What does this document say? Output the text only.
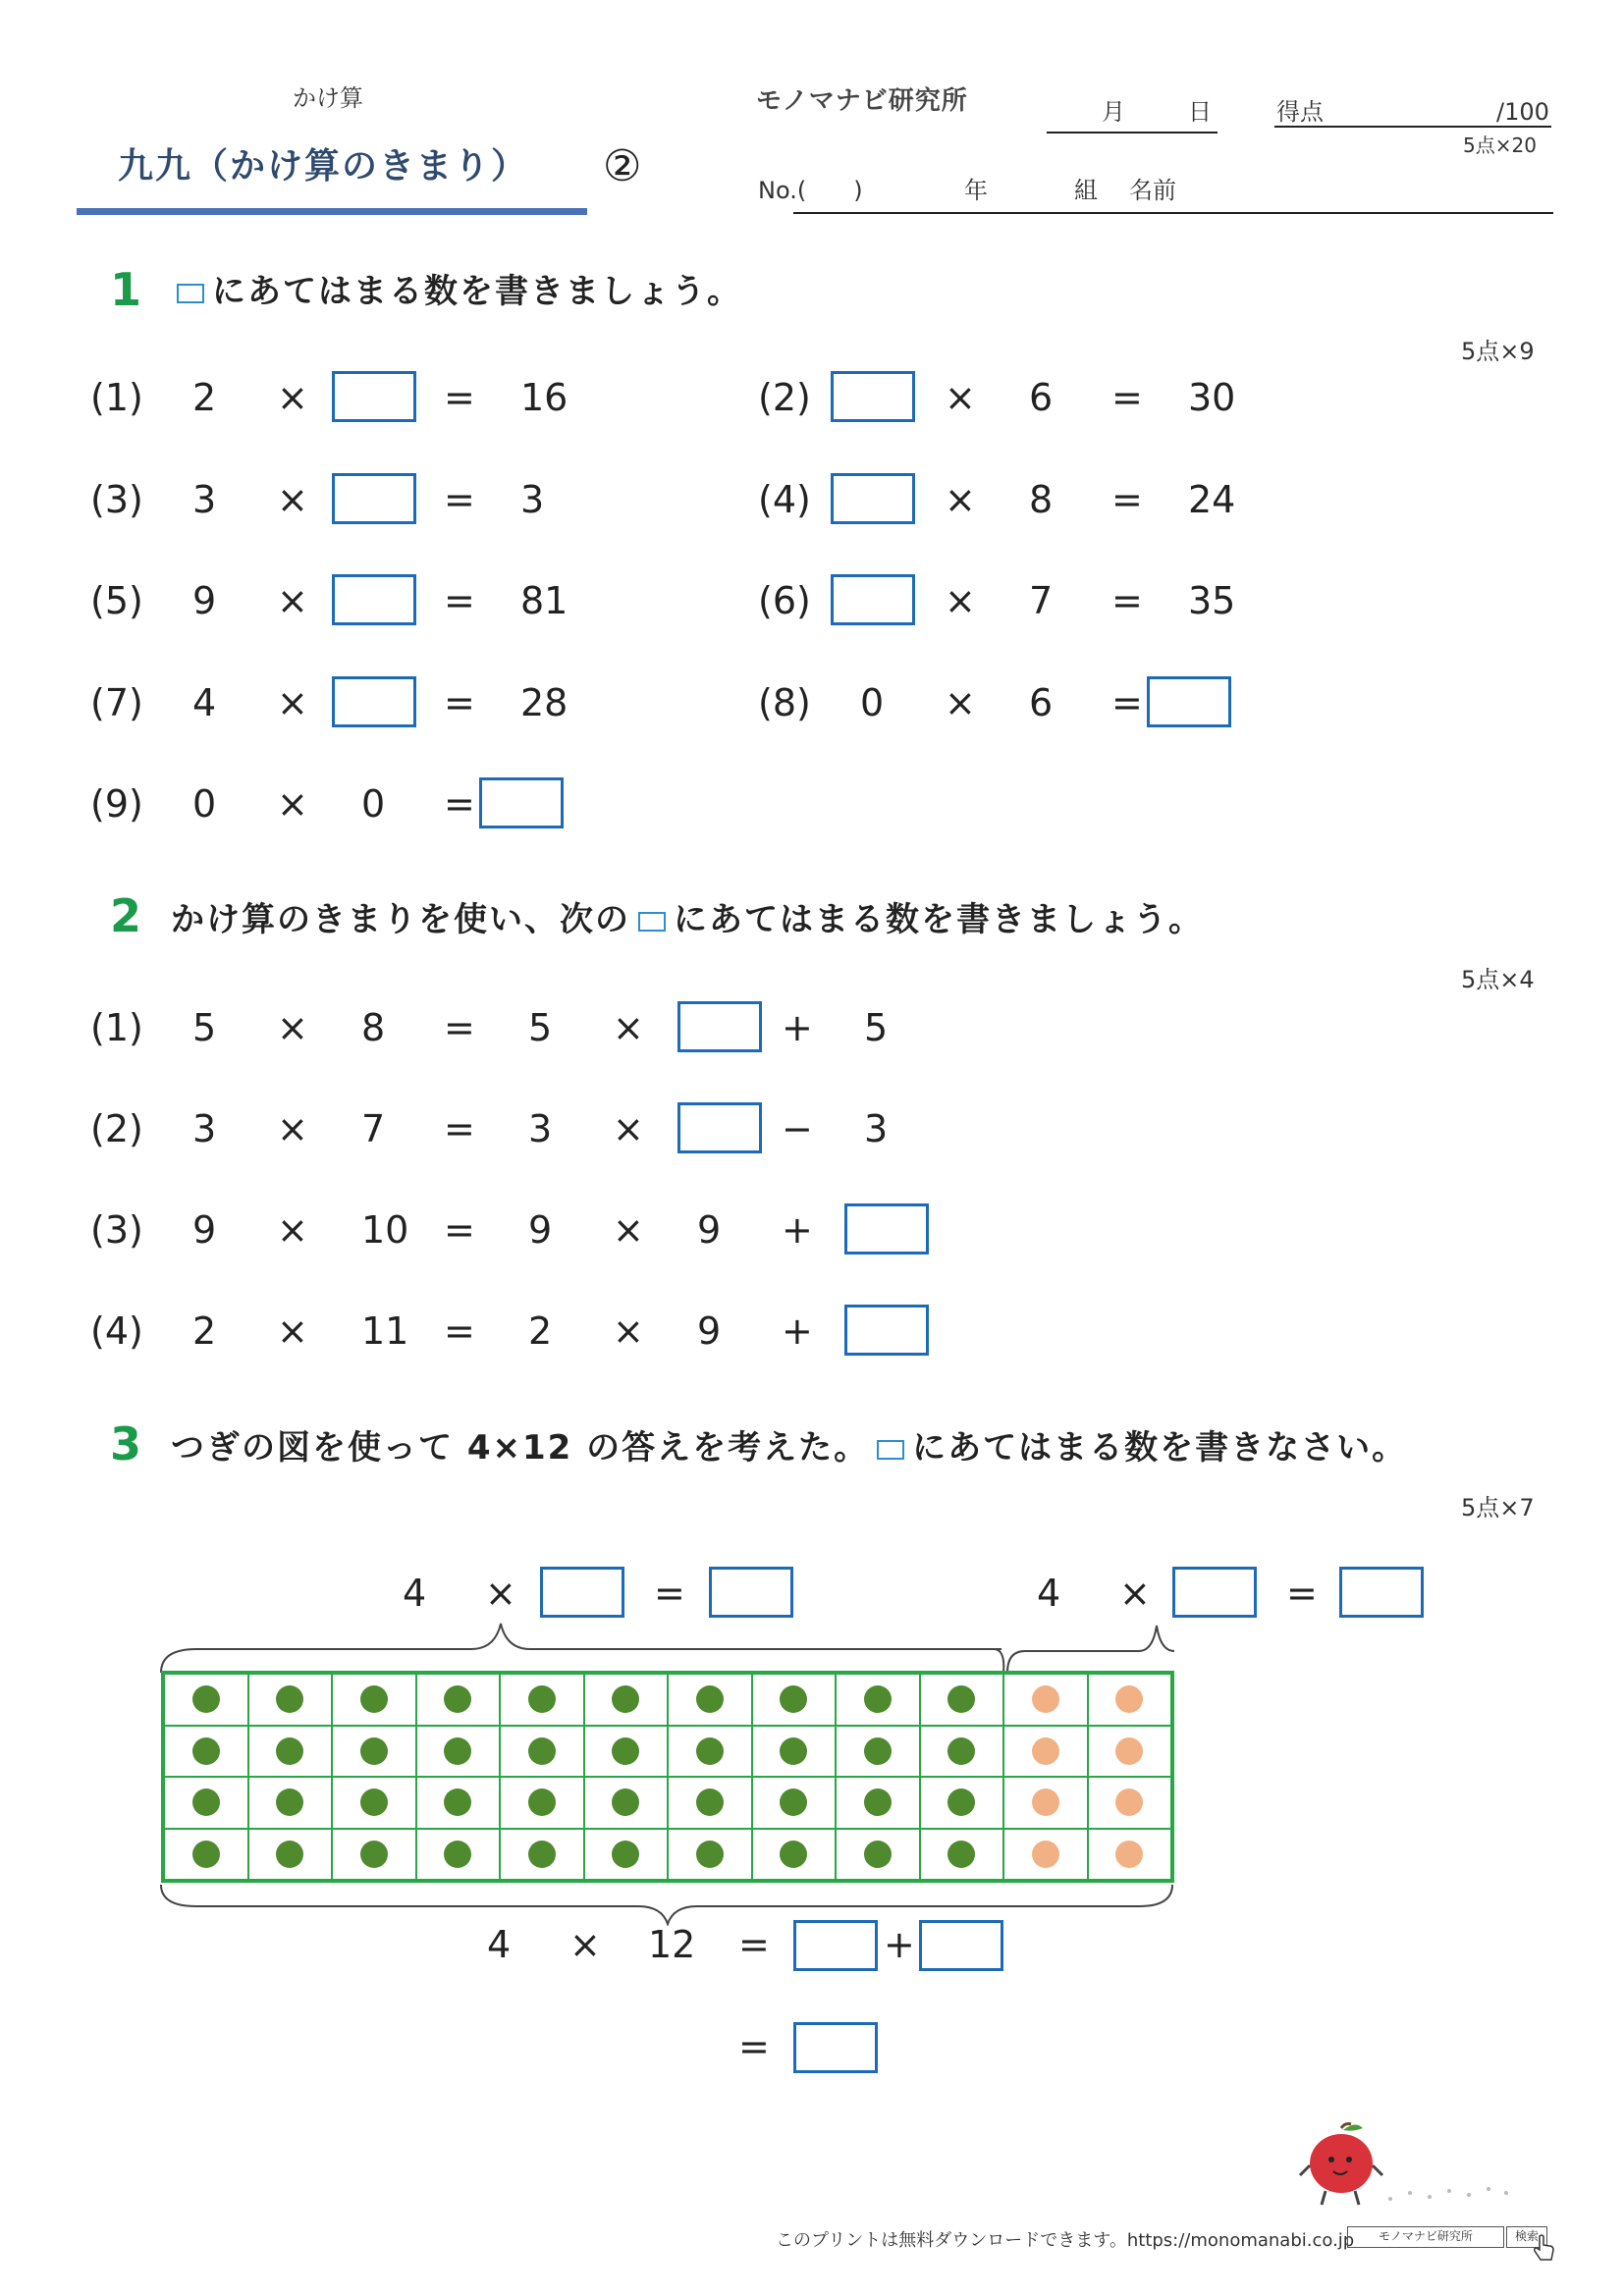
かけ算
九九（かけ算のきまり） ②
モノマナビ研究所	月	日	得点	/100
5点×20
No.(　　)	年	組 名前
1	にあてはまる数を書きましょう。
5点×9
(1) 2 ×	= 16	(2)	× 6 = 30
(3) 3 ×	= 3	(4)	× 8 = 24
(5) 9 ×	= 81	(6)	× 7 = 35
(7) 4 ×	= 28	(8) 0 × 6 =
(9) 0 × 0 =
2 かけ算のきまりを使い、次の にあてはまる数を書きましょう。
5点×4
(1) 5 × 8 = 5 ×	+ 5
(2) 3 × 7 = 3 ×	− 3
(3) 9 × 10 = 9 × 9 +
(4) 2 × 11 = 2 × 9 +
3 つぎの図を使って 4×12 の答えを考えた。 にあてはまる数を書きなさい。
5点×7
4 ×	=	4 ×	=
4 × 12 =	+
=
このプリントは無料ダウンロードできます。https://monomanabi.co.jp	モノマナビ研究所	検索
